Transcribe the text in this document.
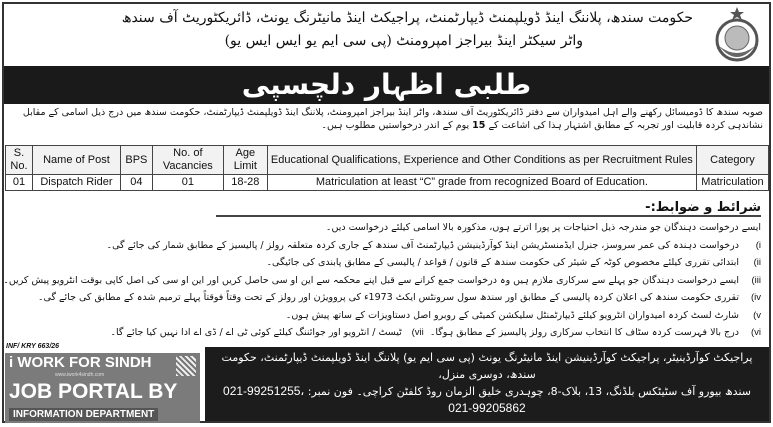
حکومت سندھ، پلاننگ اینڈ ڈویلپمنٹ ڈیپارٹمنٹ، پراجیکٹ اینڈ مانیٹرنگ یونٹ، ڈائریکٹوریٹ آف سندھ
واٹر سیکٹر اینڈ بیراجز امپرومنٹ (پی سی ایم یو ایس ایس یو)
طلبی اظہار دلچسپی
صوبہ سندھ کا ڈومیسائل رکھنے والے اہل امیدواران سے دفتر ڈائریکٹوریٹ آف سندھ، واٹر اینڈ بیراجز امپرومنٹ، پلاننگ اینڈ ڈویلپمنٹ ڈیپارٹمنٹ، حکومت سندھ میں درج ذیل اسامی کے مقابل نشاندہی کردہ قابلیت اور تجربہ کے مطابق اشتہار ہذا کی اشاعت کے 15 یوم کے اندر درخواستیں مطلوب ہیں۔
S. No.	Name of Post	BPS	No. of Vacancies	Age Limit	Educational Qualifications, Experience and Other Conditions as per Recruitment Rules	Category
01	Dispatch Rider	04	01	18-28	Matriculation at least “C” grade from recognized Board of Education.	Matriculation
شرائط و ضوابط:-
ایسے درخواست دہندگان جو مندرجہ ذیل احتیاجات پر پورا اترتے ہوں، مذکورہ بالا اسامی کیلئے درخواست دیں۔
i)درخواست دہندہ کی عمر سروسز، جنرل ایڈمنسٹریشن اینڈ کوآرڈینیشن ڈیپارٹمنٹ آف سندھ کے جاری کردہ متعلقہ رولز / پالیسیز کے مطابق شمار کی جائے گی۔
ii)ابتدائی تقرری کیلئے مخصوص کوٹہ کے شیئر کی حکومت سندھ کے قانون / قواعد / پالیسی کے مطابق پابندی کی جائیگی۔
iii)ایسے درخواست دہندگان جو پہلے سے سرکاری ملازم ہیں وہ درخواست جمع کرانے سے قبل اپنے محکمہ سے این او سی حاصل کریں اور این او سی کی اصل کاپی بوقت انٹرویو پیش کریں۔
iv)تقرری حکومت سندھ کی اعلان کردہ پالیسی کے مطابق اور سندھ سول سرونٹس ایکٹ 1973ء کی پروویژن اور رولز کے تحت وقتاً فوقتاً پہلے ترمیم شدہ کے مطابق کی جائے گی۔
v)شارٹ لسٹ کردہ امیدواران انٹرویو کیلئے ڈیپارٹمنٹل سلیکشن کمیٹی کے روبرو اصل دستاویزات کے ساتھ پیش ہوں۔
vi)درج بالا فہرست کردہ سٹاف کا انتخاب سرکاری رولز پالیسیز کے مطابق ہوگا۔  vii)ٹیسٹ / انٹرویو اور جوائننگ کیلئے کوئی ٹی اے / ڈی اے ادا نہیں کیا جائے گا۔
INF/ KRY 663/26
i WORK FOR SINDH
www.iwork4sindh.com
JOB PORTAL BY
INFORMATION DEPARTMENT
پراجیکٹ کوآرڈینیٹر، پراجیکٹ کوآرڈینیشن اینڈ مانیٹرنگ یونٹ (پی سی ایم یو) پلاننگ اینڈ ڈویلپمنٹ ڈیپارٹمنٹ، حکومت سندھ، دوسری منزل،
سندھ بیورو آف سٹیٹکس بلڈنگ، 13، بلاک-8، چوہدری خلیق الزمان روڈ کلفٹن کراچی۔ فون نمبر: 021-99251255، 021-99205862
